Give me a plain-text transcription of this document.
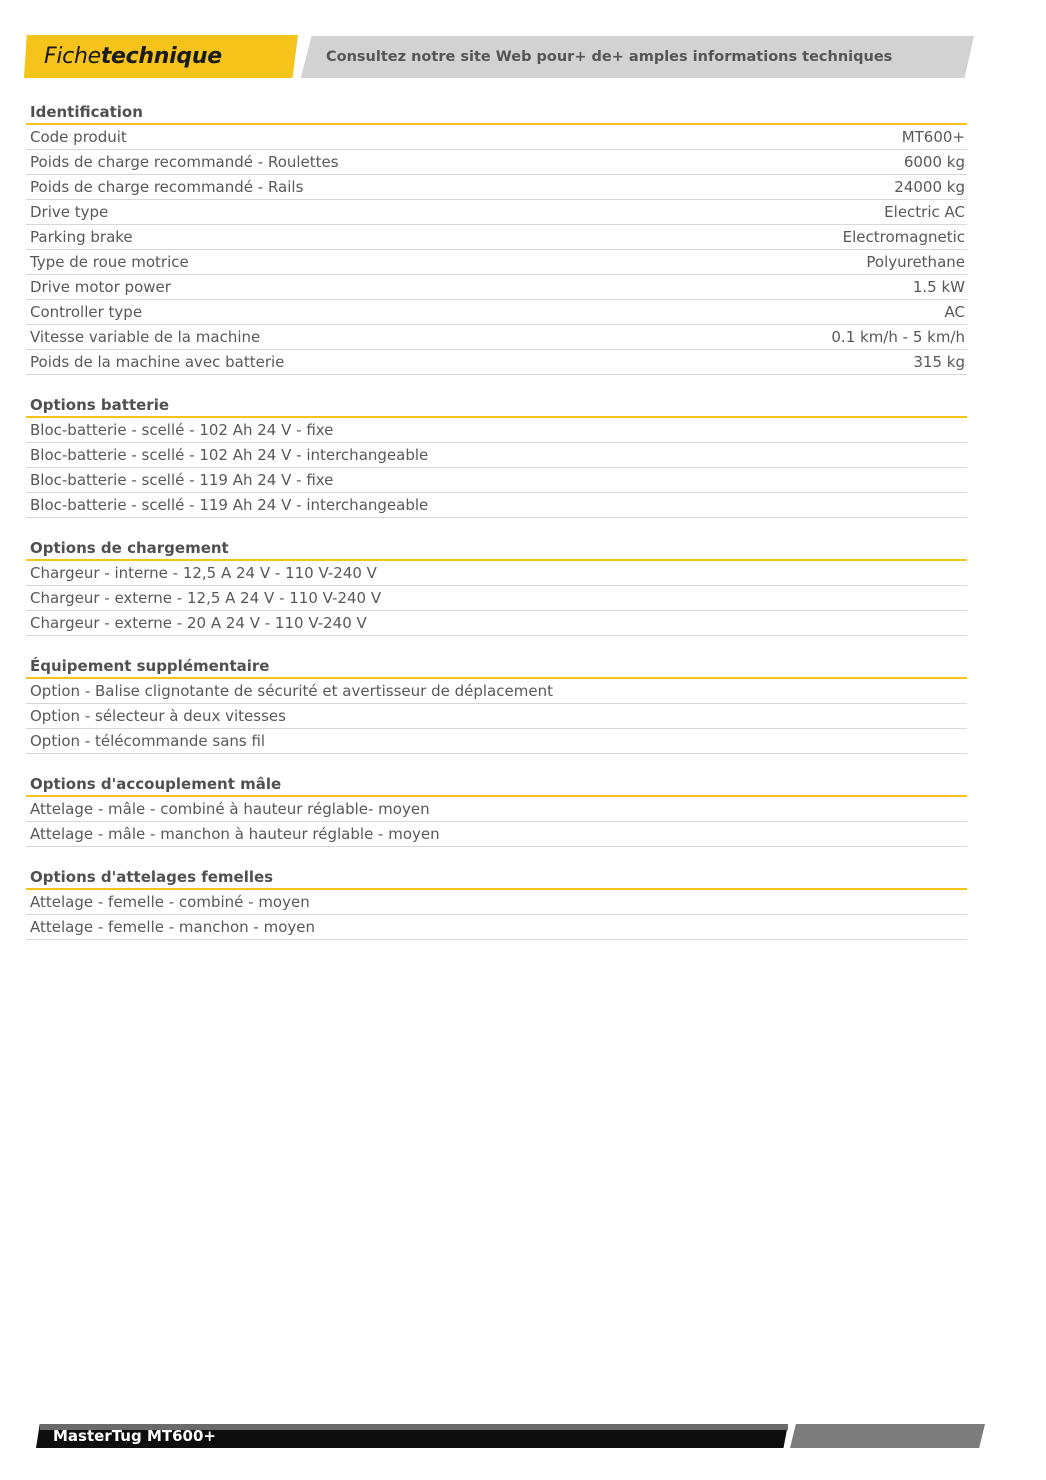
Fichetechnique	Consultez notre site Web pour+ de+ amples informations techniques
Identification
Code produit	MT600+
Poids de charge recommandé - Roulettes	6000 kg
Poids de charge recommandé - Rails	24000 kg
Drive type	Electric AC
Parking brake	Electromagnetic
Type de roue motrice	Polyurethane
Drive motor power	1.5 kW
Controller type	AC
Vitesse variable de la machine	0.1 km/h - 5 km/h
Poids de la machine avec batterie	315 kg
Options batterie
Bloc-batterie - scellé - 102 Ah 24 V - fixe
Bloc-batterie - scellé - 102 Ah 24 V - interchangeable
Bloc-batterie - scellé - 119 Ah 24 V - fixe
Bloc-batterie - scellé - 119 Ah 24 V - interchangeable
Options de chargement
Chargeur - interne - 12,5 A 24 V - 110 V-240 V
Chargeur - externe - 12,5 A 24 V - 110 V-240 V
Chargeur - externe - 20 A 24 V - 110 V-240 V
Équipement supplémentaire
Option - Balise clignotante de sécurité et avertisseur de déplacement
Option - sélecteur à deux vitesses
Option - télécommande sans fil
Options d'accouplement mâle
Attelage - mâle - combiné à hauteur réglable- moyen
Attelage - mâle - manchon à hauteur réglable - moyen
Options d'attelages femelles
Attelage - femelle - combiné - moyen
Attelage - femelle - manchon - moyen
MasterTug MT600+
